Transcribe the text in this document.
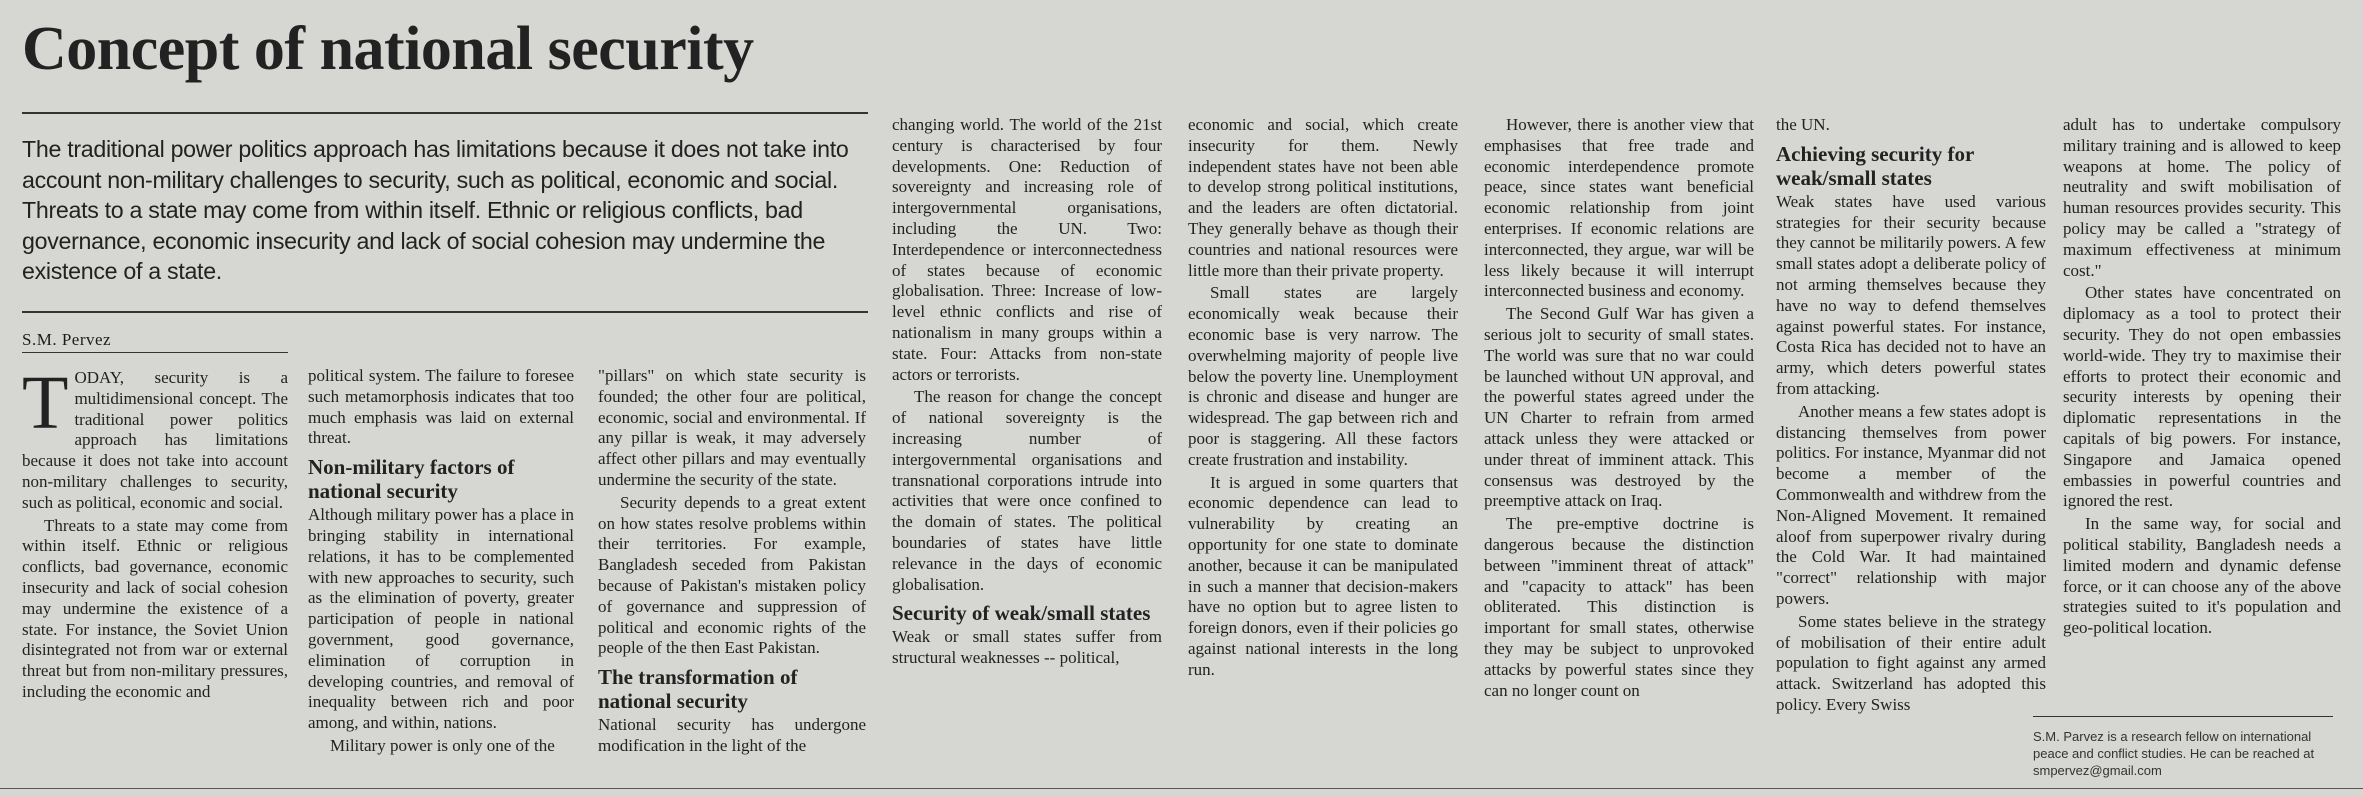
Concept of national security
The traditional power politics approach has limitations because it does not take into account non-military challenges to security, such as political, economic and social. Threats to a state may come from within itself. Ethnic or religious conflicts, bad governance, economic insecurity and lack of social cohesion may undermine the existence of a state.
S.M. Pervez

TODAY, security is a multidimensional concept. The traditional power politics approach has limitations because it does not take into account non-military challenges to security, such as political, economic and social.

Threats to a state may come from within itself. Ethnic or religious conflicts, bad governance, economic insecurity and lack of social cohesion may undermine the existence of a state. For instance, the Soviet Union disintegrated not from war or external threat but from non-military pressures, including the economic and

political system. The failure to foresee such metamorphosis indicates that too much emphasis was laid on external threat.

Non-military factors of national security

Although military power has a place in bringing stability in international relations, it has to be complemented with new approaches to security, such as the elimination of poverty, greater participation of people in national government, good governance, elimination of corruption in developing countries, and removal of inequality between rich and poor among, and within, nations.

Military power is only one of the

"pillars" on which state security is founded; the other four are political, economic, social and environmental. If any pillar is weak, it may adversely affect other pillars and may eventually undermine the security of the state.

Security depends to a great extent on how states resolve problems within their territories. For example, Bangladesh seceded from Pakistan because of Pakistan's mistaken policy of governance and suppression of political and economic rights of the people of the then East Pakistan.

The transformation of national security

National security has undergone modification in the light of the

changing world. The world of the 21st century is characterised by four developments. One: Reduction of sovereignty and increasing role of intergovernmental organisations, including the UN. Two: Interdependence or interconnectedness of states because of economic globalisation. Three: Increase of low-level ethnic conflicts and rise of nationalism in many groups within a state. Four: Attacks from non-state actors or terrorists.

The reason for change the concept of national sovereignty is the increasing number of intergovernmental organisations and transnational corporations intrude into activities that were once confined to the domain of states. The political boundaries of states have little relevance in the days of economic globalisation.

Security of weak/small states

Weak or small states suffer from structural weaknesses -- political,

economic and social, which create insecurity for them. Newly independent states have not been able to develop strong political institutions, and the leaders are often dictatorial. They generally behave as though their countries and national resources were little more than their private property.

Small states are largely economically weak because their economic base is very narrow. The overwhelming majority of people live below the poverty line. Unemployment is chronic and disease and hunger are widespread. The gap between rich and poor is staggering. All these factors create frustration and instability.

It is argued in some quarters that economic dependence can lead to vulnerability by creating an opportunity for one state to dominate another, because it can be manipulated in such a manner that decision-makers have no option but to agree listen to foreign donors, even if their policies go against national interests in the long run.

However, there is another view that emphasises that free trade and economic interdependence promote peace, since states want beneficial economic relationship from joint enterprises. If economic relations are interconnected, they argue, war will be less likely because it will interrupt interconnected business and economy.

The Second Gulf War has given a serious jolt to security of small states. The world was sure that no war could be launched without UN approval, and the powerful states agreed under the UN Charter to refrain from armed attack unless they were attacked or under threat of imminent attack. This consensus was destroyed by the preemptive attack on Iraq.

The pre-emptive doctrine is dangerous because the distinction between "imminent threat of attack" and "capacity to attack" has been obliterated. This distinction is important for small states, otherwise they may be subject to unprovoked attacks by powerful states since they can no longer count on

the UN.

Achieving security for weak/small states

Weak states have used various strategies for their security because they cannot be militarily powers. A few small states adopt a deliberate policy of not arming themselves because they have no way to defend themselves against powerful states. For instance, Costa Rica has decided not to have an army, which deters powerful states from attacking.

Another means a few states adopt is distancing themselves from power politics. For instance, Myanmar did not become a member of the Commonwealth and withdrew from the Non-Aligned Movement. It remained aloof from superpower rivalry during the Cold War. It had maintained "correct" relationship with major powers.

Some states believe in the strategy of mobilisation of their entire adult population to fight against any armed attack. Switzerland has adopted this policy. Every Swiss

adult has to undertake compulsory military training and is allowed to keep weapons at home. The policy of neutrality and swift mobilisation of human resources provides security. This policy may be called a "strategy of maximum effectiveness at minimum cost."

Other states have concentrated on diplomacy as a tool to protect their security. They do not open embassies world-wide. They try to maximise their efforts to protect their economic and security interests by opening their diplomatic representations in the capitals of big powers. For instance, Singapore and Jamaica opened embassies in powerful countries and ignored the rest.

In the same way, for social and political stability, Bangladesh needs a limited modern and dynamic defense force, or it can choose any of the above strategies suited to it's population and geo-political location.

S.M. Parvez is a research fellow on international peace and conflict studies. He can be reached at smpervez@gmail.com
